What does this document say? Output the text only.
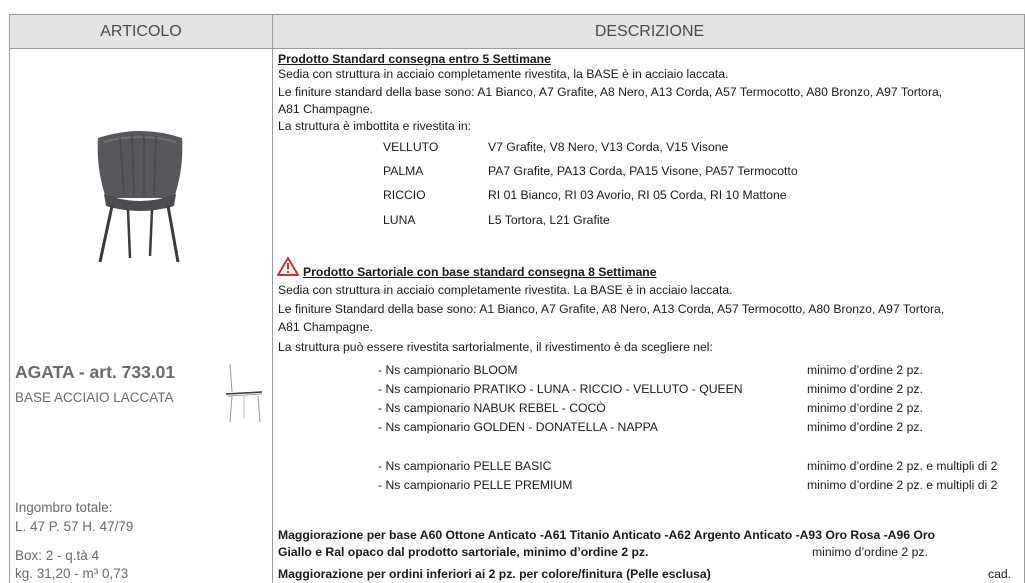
ARTICOLO	DESCRIZIONE
AGATA - art. 733.01
BASE ACCIAIO LACCATA
Ingombro totale:
L. 47 P. 57 H. 47/79
Box: 2 - q.tà 4
kg. 31,20 - m³ 0,73
Prodotto Standard consegna entro 5 Settimane
Sedia con struttura in acciaio completamente rivestita, la BASE è in acciaio laccata.
Le finiture standard della base sono: A1 Bianco, A7 Grafite, A8 Nero, A13 Corda, A57 Termocotto, A80 Bronzo, A97 Tortora,
A81 Champagne.
La struttura è imbottita e rivestita in:
VELLUTO	V7 Grafite, V8 Nero, V13 Corda, V15 Visone
PALMA	PA7 Grafite, PA13 Corda, PA15 Visone, PA57 Termocotto
RICCIO	RI 01 Bianco, RI 03 Avorio, RI 05 Corda, RI 10 Mattone
LUNA	L5 Tortora, L21 Grafite
Prodotto Sartoriale con base standard consegna 8 Settimane
Sedia con struttura in acciaio completamente rivestita. La BASE è in acciaio laccata.
Le finiture Standard della base sono: A1 Bianco, A7 Grafite, A8 Nero, A13 Corda, A57 Termocotto, A80 Bronzo, A97 Tortora,
A81 Champagne.
La struttura può essere rivestita sartorialmente, il rivestimento è da scegliere nel:
- Ns campionario BLOOM	minimo d’ordine 2 pz.
- Ns campionario PRATIKO - LUNA - RICCIO - VELLUTO - QUEEN	minimo d’ordine 2 pz.
- Ns campionario NABUK REBEL - COCÒ	minimo d’ordine 2 pz.
- Ns campionario GOLDEN - DONATELLA - NAPPA	minimo d’ordine 2 pz.
- Ns campionario PELLE BASIC	minimo d’ordine 2 pz. e multipli di 2
- Ns campionario PELLE PREMIUM	minimo d’ordine 2 pz. e multipli di 2
Maggiorazione per base A60 Ottone Anticato -A61 Titanio Anticato -A62 Argento Anticato -A93 Oro Rosa -A96 Oro
Giallo e Ral opaco dal prodotto sartoriale, minimo d’ordine 2 pz.	minimo d’ordine 2 pz.
Maggiorazione per ordini inferiori ai 2 pz. per colore/finitura (Pelle esclusa)	cad.
